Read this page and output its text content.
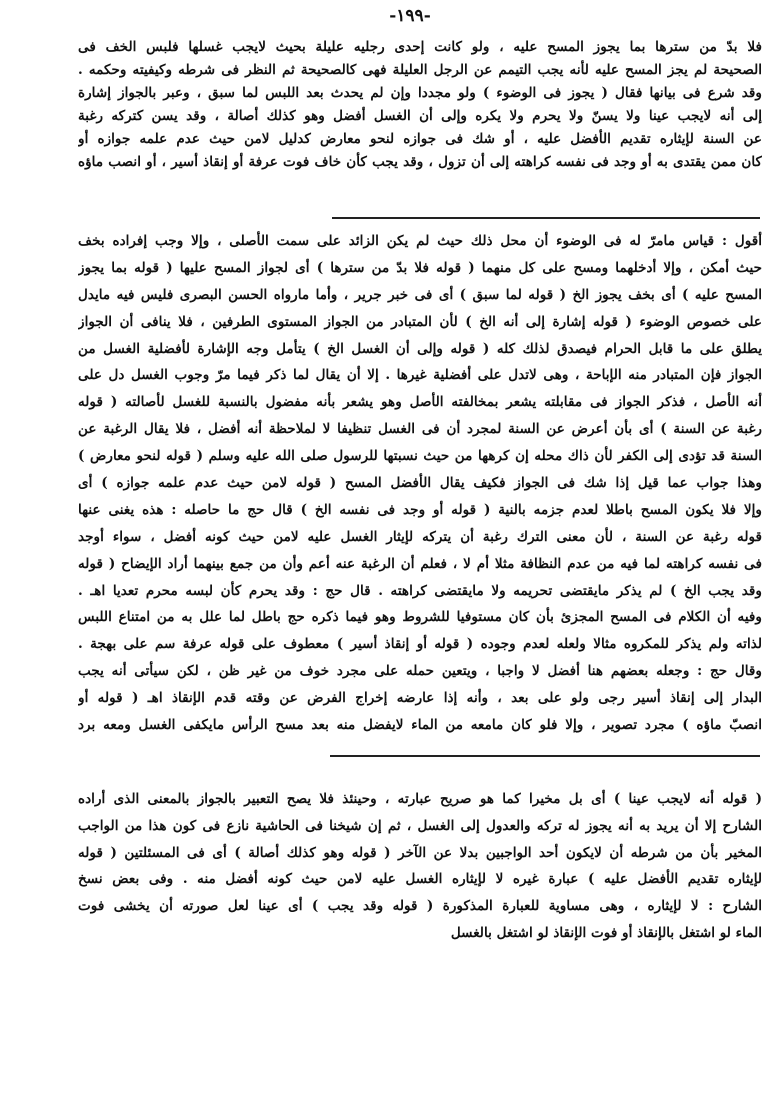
-١٩٩-
فلا بدّ من سترها بما يجوز المسح عليه ، ولو كانت إحدى رجليه عليلة بحيث لايجب غسلها فلبس الخف فى
الصحيحة لم يجز المسح عليه لأنه يجب التيمم عن الرجل العليلة فهى كالصحيحة ثم النظر فى شرطه وكيفيته وحكمه .
وقد شرع فى بيانها فقال ( يجوز فى الوضوء ) ولو مجددا وإن لم يحدث بعد اللبس لما سبق ، وعبر بالجواز إشارة
إلى أنه لايجب عينا ولا يسنّ ولا يحرم ولا يكره وإلى أن الغسل أفضل وهو كذلك أصالة ، وقد يسن كتركه رغبة
عن السنة لإيثاره تقديم الأفضل عليه ، أو شك فى جوازه لنحو معارض كدليل لامن حيث عدم علمه جوازه أو
كان ممن يقتدى به أو وجد فى نفسه كراهته إلى أن تزول ، وقد يجب كأن خاف فوت عرفة أو إنقاذ أسير ، أو انصب ماؤه
أقول : قياس مامرّ له فى الوضوء أن محل ذلك حيث لم يكن الزائد على سمت الأصلى ، وإلا وجب إفراده بخف
حيث أمكن ، وإلا أدخلهما ومسح على كل منهما ( قوله فلا بدّ من سترها ) أى لجواز المسح عليها ( قوله بما يجوز
المسح عليه ) أى بخف يجوز الخ ( قوله لما سبق ) أى فى خبر جرير ، وأما مارواه الحسن البصرى فليس فيه مايدل
على خصوص الوضوء ( قوله إشارة إلى أنه الخ ) لأن المتبادر من الجواز المستوى الطرفين ، فلا ينافى أن الجواز
يطلق على ما قابل الحرام فيصدق لذلك كله ( قوله وإلى أن الغسل الخ ) يتأمل وجه الإشارة لأفضلية الغسل من
الجواز فإن المتبادر منه الإباحة ، وهى لاتدل على أفضلية غيرها . إلا أن يقال لما ذكر فيما مرّ وجوب الغسل دل على
أنه الأصل ، فذكر الجواز فى مقابلته يشعر بمخالفته الأصل وهو يشعر بأنه مفضول بالنسبة للغسل لأصالته ( قوله
رغبة عن السنة ) أى بأن أعرض عن السنة لمجرد أن فى الغسل تنظيفا لا لملاحظة أنه أفضل ، فلا يقال الرغبة عن
السنة قد تؤدى إلى الكفر لأن ذاك محله إن كرهها من حيث نسبتها للرسول صلى الله عليه وسلم ( قوله لنحو معارض )
وهذا جواب عما قيل إذا شك فى الجواز فكيف يقال الأفضل المسح ( قوله لامن حيث عدم علمه جوازه ) أى
وإلا فلا يكون المسح باطلا لعدم جزمه بالنية ( قوله أو وجد فى نفسه الخ ) قال حج ما حاصله : هذه يغنى عنها
قوله رغبة عن السنة ، لأن معنى الترك رغبة أن يتركه لإيثار الغسل عليه لامن حيث كونه أفضل ، سواء أوجد
فى نفسه كراهته لما فيه من عدم النظافة مثلا أم لا ، فعلم أن الرغبة عنه أعم وأن من جمع بينهما أراد الإيضاح ( قوله
وقد يجب الخ ) لم يذكر مايقتضى تحريمه ولا مايقتضى كراهته . قال حج : وقد يحرم كأن لبسه محرم تعديا اهـ .
وفيه أن الكلام فى المسح المجزئ بأن كان مستوفيا للشروط وهو فيما ذكره حج باطل لما علل به من امتناع اللبس
لذاته ولم يذكر للمكروه مثالا ولعله لعدم وجوده ( قوله أو إنقاذ أسير ) معطوف على قوله عرفة سم على بهجة .
وقال حج : وجعله بعضهم هنا أفضل لا واجبا ، ويتعين حمله على مجرد خوف من غير ظن ، لكن سيأتى أنه يجب
البدار إلى إنقاذ أسير رجى ولو على بعد ، وأنه إذا عارضه إخراج الفرض عن وقته قدم الإنقاذ اهـ ( قوله أو
انصبّ ماؤه ) مجرد تصوير ، وإلا فلو كان مامعه من الماء لايفضل منه بعد مسح الرأس مايكفى الغسل ومعه برد
( قوله أنه لايجب عينا ) أى بل مخيرا كما هو صريح عبارته ، وحينئذ فلا يصح التعبير بالجواز بالمعنى الذى أراده
الشارح إلا أن يريد به أنه يجوز له تركه والعدول إلى الغسل ، ثم إن شيخنا فى الحاشية نازع فى كون هذا من الواجب
المخير بأن من شرطه أن لايكون أحد الواجبين بدلا عن الآخر ( قوله وهو كذلك أصالة ) أى فى المسئلتين ( قوله
لإيثاره تقديم الأفضل عليه ) عبارة غيره لا لإيثاره الغسل عليه لامن حيث كونه أفضل منه . وفى بعض نسخ
الشارح : لا لإيثاره ، وهى مساوية للعبارة المذكورة ( قوله وقد يجب ) أى عينا لعل صورته أن يخشى فوت
الماء لو اشتغل بالإنقاذ أو فوت الإنقاذ لو اشتغل بالغسل
